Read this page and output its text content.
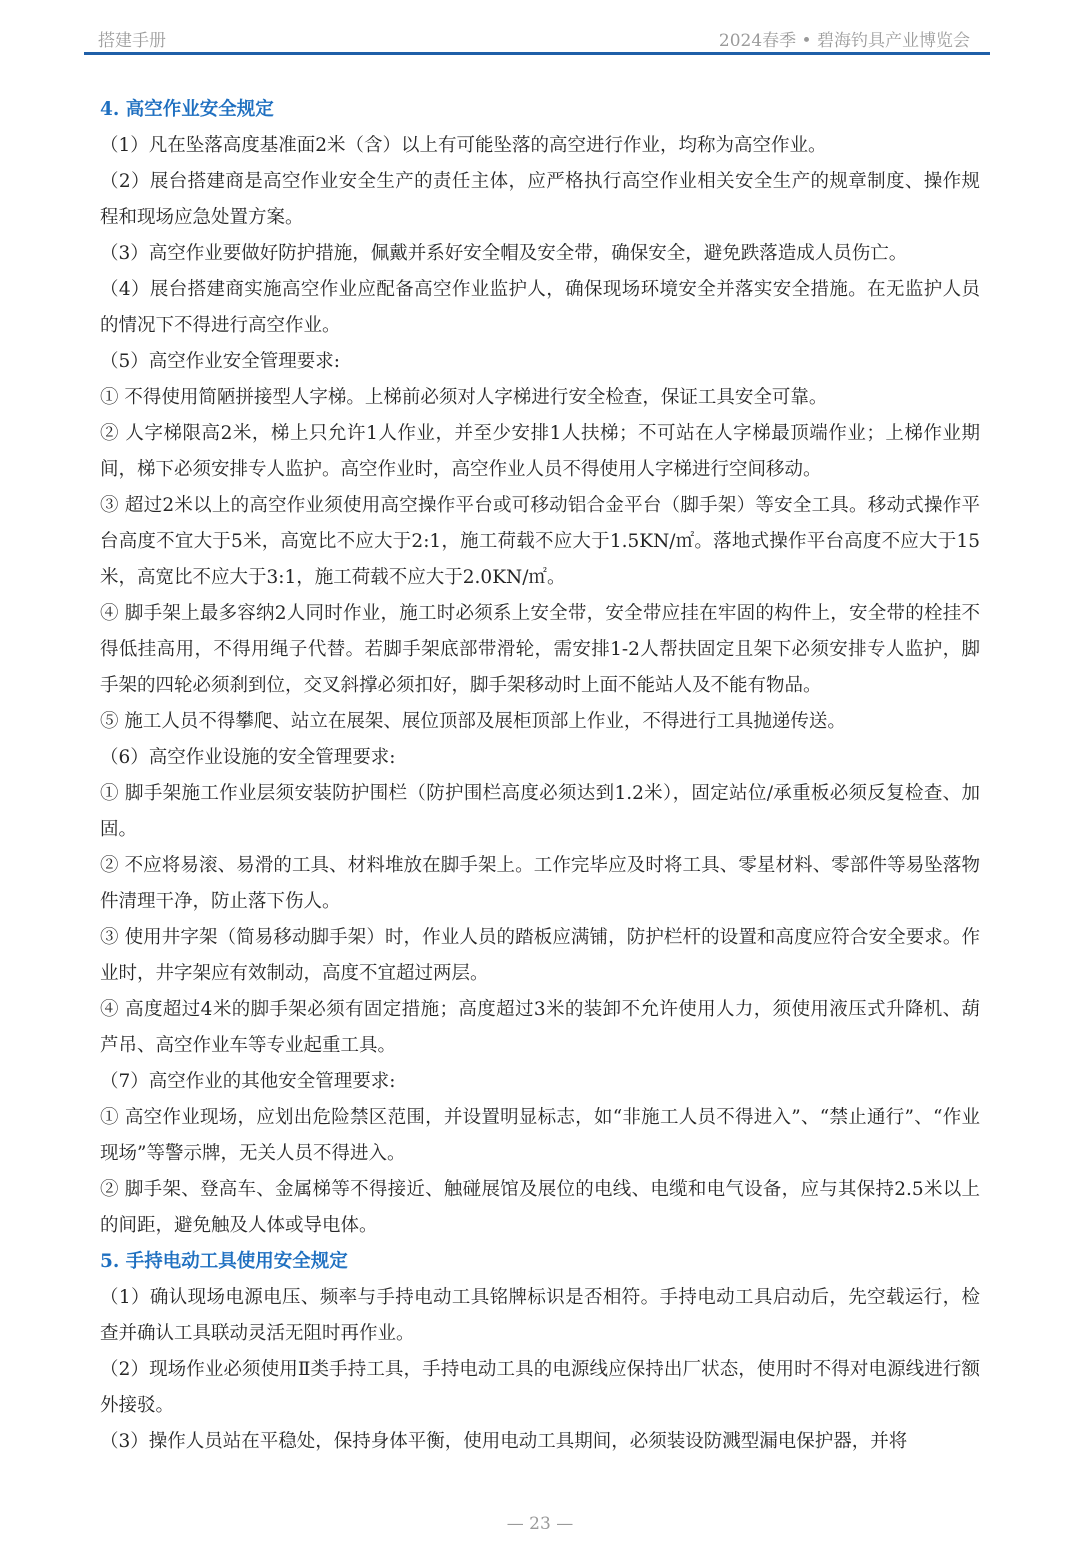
搭建手册	2024春季 • 碧海钓具产业博览会
4. 高空作业安全规定

（1）凡在坠落高度基准面2米（含）以上有可能坠落的高空进行作业，均称为高空作业。

（2）展台搭建商是高空作业安全生产的责任主体，应严格执行高空作业相关安全生产的规章制度、操作规程和现场应急处置方案。

（3）高空作业要做好防护措施，佩戴并系好安全帽及安全带，确保安全，避免跌落造成人员伤亡。

（4）展台搭建商实施高空作业应配备高空作业监护人，确保现场环境安全并落实安全措施。在无监护人员的情况下不得进行高空作业。

（5）高空作业安全管理要求:

① 不得使用简陋拼接型人字梯。上梯前必须对人字梯进行安全检查，保证工具安全可靠。

② 人字梯限高2米，梯上只允许1人作业，并至少安排1人扶梯；不可站在人字梯最顶端作业；上梯作业期间，梯下必须安排专人监护。高空作业时，高空作业人员不得使用人字梯进行空间移动。

③ 超过2米以上的高空作业须使用高空操作平台或可移动铝合金平台（脚手架）等安全工具。移动式操作平台高度不宜大于5米，高宽比不应大于2:1，施工荷载不应大于1.5KN/㎡。落地式操作平台高度不应大于15米，高宽比不应大于3:1，施工荷载不应大于2.0KN/㎡。

④ 脚手架上最多容纳2人同时作业，施工时必须系上安全带，安全带应挂在牢固的构件上，安全带的栓挂不得低挂高用，不得用绳子代替。若脚手架底部带滑轮，需安排1-2人帮扶固定且架下必须安排专人监护，脚手架的四轮必须刹到位，交叉斜撑必须扣好，脚手架移动时上面不能站人及不能有物品。

⑤ 施工人员不得攀爬、站立在展架、展位顶部及展柜顶部上作业，不得进行工具抛递传送。

（6）高空作业设施的安全管理要求:

① 脚手架施工作业层须安装防护围栏（防护围栏高度必须达到1.2米），固定站位/承重板必须反复检查、加固。

② 不应将易滚、易滑的工具、材料堆放在脚手架上。工作完毕应及时将工具、零星材料、零部件等易坠落物件清理干净，防止落下伤人。

③ 使用井字架（简易移动脚手架）时，作业人员的踏板应满铺，防护栏杆的设置和高度应符合安全要求。作业时，井字架应有效制动，高度不宜超过两层。

④ 高度超过4米的脚手架必须有固定措施；高度超过3米的装卸不允许使用人力，须使用液压式升降机、葫芦吊、高空作业车等专业起重工具。

（7）高空作业的其他安全管理要求:

① 高空作业现场，应划出危险禁区范围，并设置明显标志，如“非施工人员不得进入”、“禁止通行”、“作业现场”等警示牌，无关人员不得进入。

② 脚手架、登高车、金属梯等不得接近、触碰展馆及展位的电线、电缆和电气设备，应与其保持2.5米以上的间距，避免触及人体或导电体。

5. 手持电动工具使用安全规定

（1）确认现场电源电压、频率与手持电动工具铭牌标识是否相符。手持电动工具启动后，先空载运行，检查并确认工具联动灵活无阻时再作业。

（2）现场作业必须使用Ⅱ类手持工具，手持电动工具的电源线应保持出厂状态，使用时不得对电源线进行额外接驳。

（3）操作人员站在平稳处，保持身体平衡，使用电动工具期间，必须装设防溅型漏电保护器，并将

— 23 —
